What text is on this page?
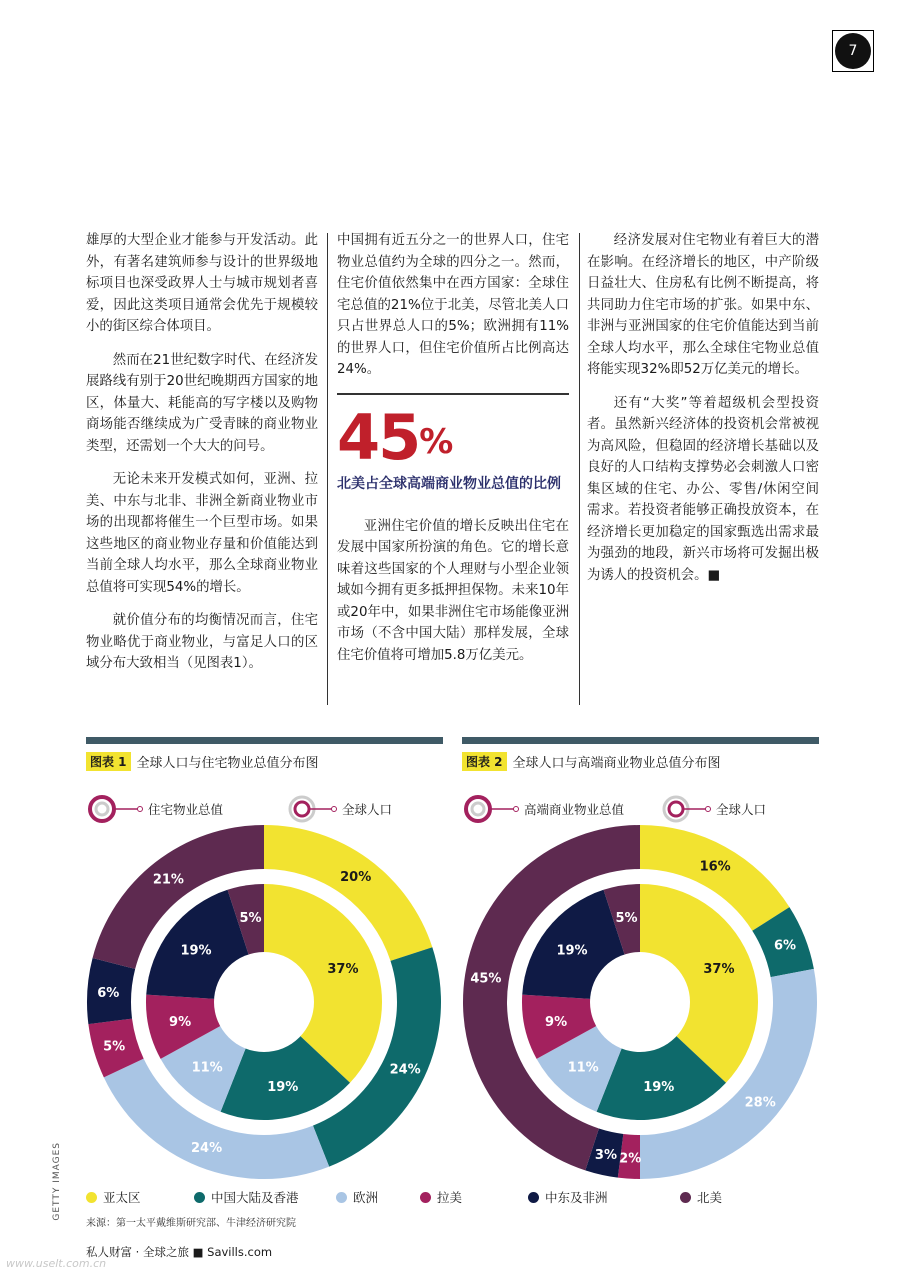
7

雄厚的大型企业才能参与开发活动。此外，有著名建筑师参与设计的世界级地标项目也深受政界人士与城市规划者喜爱，因此这类项目通常会优先于规模较小的街区综合体项目。

然而在21世纪数字时代、在经济发展路线有别于20世纪晚期西方国家的地区，体量大、耗能高的写字楼以及购物商场能否继续成为广受青睐的商业物业类型，还需划一个大大的问号。

无论未来开发模式如何，亚洲、拉美、中东与北非、非洲全新商业物业市场的出现都将催生一个巨型市场。如果这些地区的商业物业存量和价值能达到当前全球人均水平，那么全球商业物业总值将可实现54%的增长。

就价值分布的均衡情况而言，住宅物业略优于商业物业，与富足人口的区域分布大致相当（见图表1）。

中国拥有近五分之一的世界人口，住宅物业总值约为全球的四分之一。然而，住宅价值依然集中在西方国家：全球住宅总值的21%位于北美，尽管北美人口只占世界总人口的5%；欧洲拥有11%的世界人口，但住宅价值所占比例高达24%。

45%
北美占全球高端商业物业总值的比例

亚洲住宅价值的增长反映出住宅在发展中国家所扮演的角色。它的增长意味着这些国家的个人理财与小型企业领域如今拥有更多抵押担保物。未来10年或20年中，如果非洲住宅市场能像亚洲市场（不含中国大陆）那样发展，全球住宅价值将可增加5.8万亿美元。

经济发展对住宅物业有着巨大的潜在影响。在经济增长的地区，中产阶级日益壮大、住房私有比例不断提高，将共同助力住宅市场的扩张。如果中东、非洲与亚洲国家的住宅价值能达到当前全球人均水平，那么全球住宅物业总值将能实现32%即52万亿美元的增长。

还有“大奖”等着超级机会型投资者。虽然新兴经济体的投资机会常被视为高风险，但稳固的经济增长基础以及良好的人口结构支撑势必会刺激人口密集区域的住宅、办公、零售/休闲空间需求。若投资者能够正确投放资本，在经济增长更加稳定的国家甄选出需求最为强劲的地段，新兴市场将可发掘出极为诱人的投资机会。■

图表 1 全球人口与住宅物业总值分布图
住宅物业总值	全球人口
20%
24%
24%
5%
6%
21%
37%
19%
11%
9%
19%
5%
图表 2 全球人口与高端商业物业总值分布图
高端商业物业总值	全球人口
16%
6%
28%
2%
3%
45%
37%
19%
11%
9%
19%
5%
GETTY IMAGES	亚太区	中国大陆及香港	欧洲	拉美	中东及非洲	北美
来源：第一太平戴维斯研究部、牛津经济研究院
私人财富 · 全球之旅 ■ Savills.com
www.uselt.com.cn
